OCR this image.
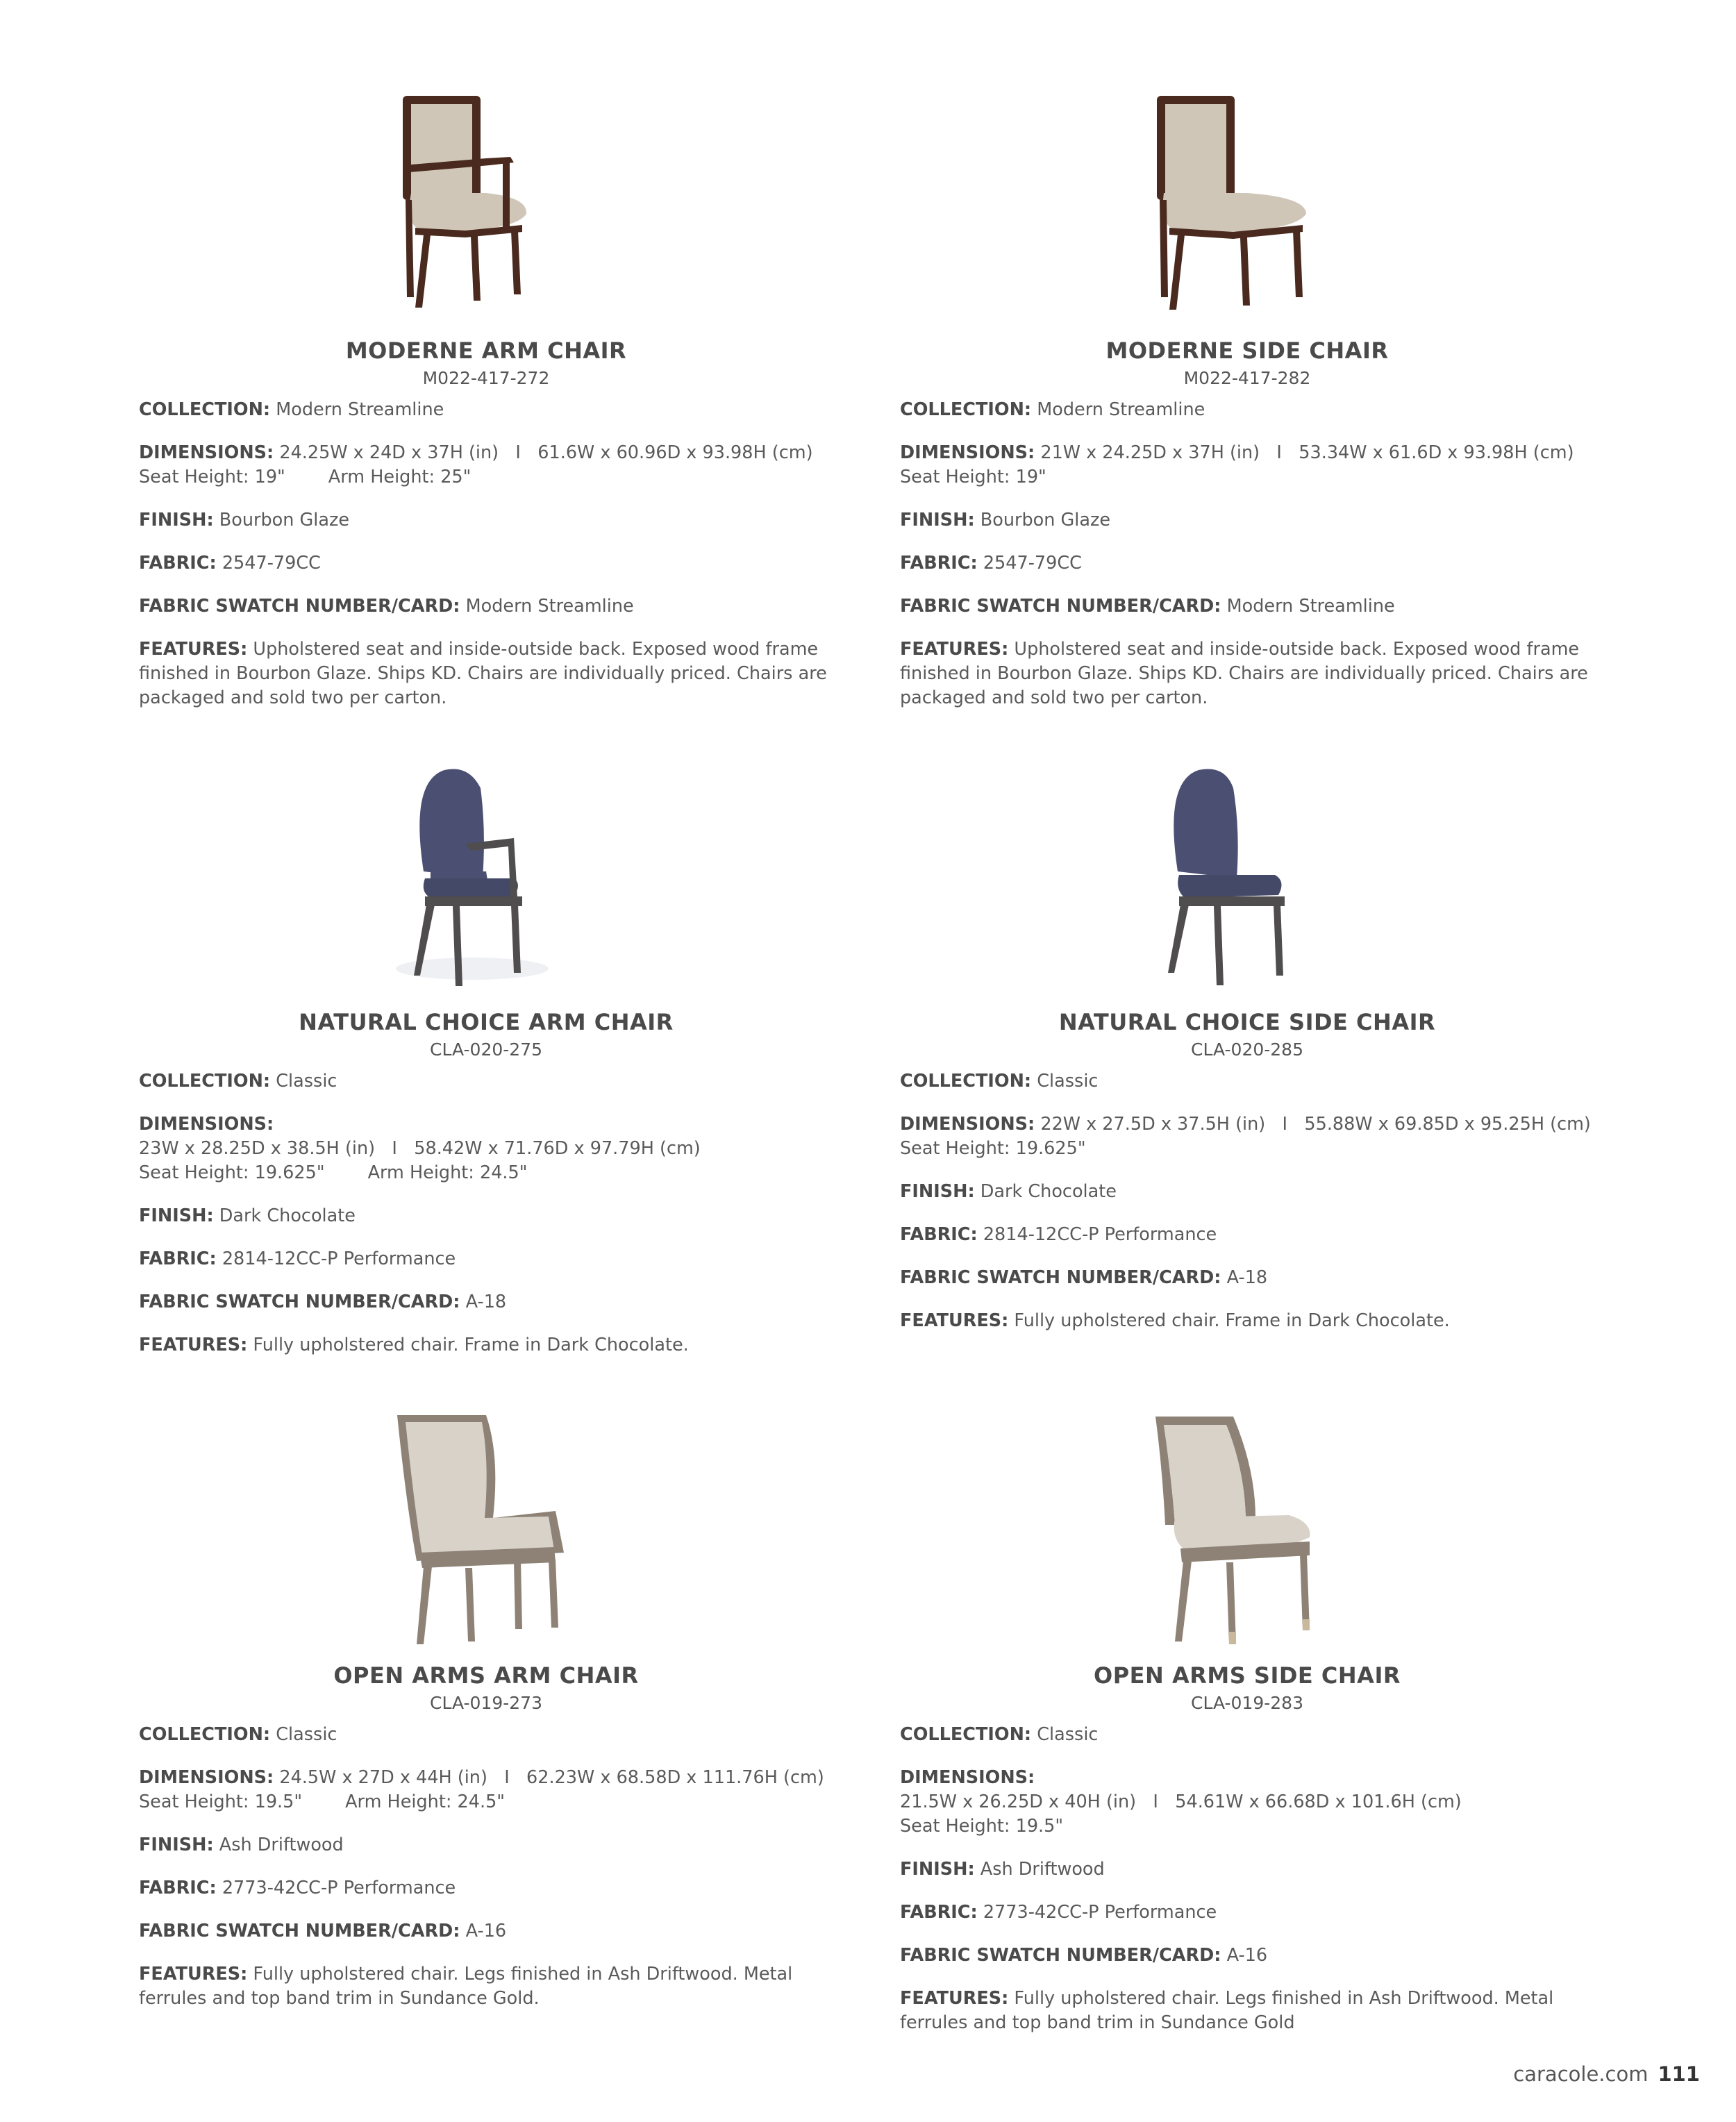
MODERNE ARM CHAIR
M022-417-272
COLLECTION: Modern Streamline
DIMENSIONS: 24.25W x 24D x 37H (in)   I   61.6W x 60.96D x 93.98H (cm)
Seat Height: 19" Arm Height: 25"
FINISH: Bourbon Glaze
FABRIC: 2547-79CC
FABRIC SWATCH NUMBER/CARD: Modern Streamline
FEATURES: Upholstered seat and inside-outside back. Exposed wood frame finished in Bourbon Glaze. Ships KD. Chairs are individually priced. Chairs are packaged and sold two per carton.
MODERNE SIDE CHAIR
M022-417-282
COLLECTION: Modern Streamline
DIMENSIONS: 21W x 24.25D x 37H (in)   I   53.34W x 61.6D x 93.98H (cm)
Seat Height: 19"
FINISH: Bourbon Glaze
FABRIC: 2547-79CC
FABRIC SWATCH NUMBER/CARD: Modern Streamline
FEATURES: Upholstered seat and inside-outside back. Exposed wood frame finished in Bourbon Glaze. Ships KD. Chairs are individually priced. Chairs are packaged and sold two per carton.
NATURAL CHOICE ARM CHAIR
CLA-020-275
COLLECTION: Classic
DIMENSIONS: 23W x 28.25D x 38.5H (in)   I   58.42W x 71.76D x 97.79H (cm)
Seat Height: 19.625" Arm Height: 24.5"
FINISH: Dark Chocolate
FABRIC: 2814-12CC-P Performance
FABRIC SWATCH NUMBER/CARD: A-18
FEATURES: Fully upholstered chair. Frame in Dark Chocolate.
NATURAL CHOICE SIDE CHAIR
CLA-020-285
COLLECTION: Classic
DIMENSIONS: 22W x 27.5D x 37.5H (in)   I   55.88W x 69.85D x 95.25H (cm)
Seat Height: 19.625"
FINISH: Dark Chocolate
FABRIC: 2814-12CC-P Performance
FABRIC SWATCH NUMBER/CARD: A-18
FEATURES: Fully upholstered chair. Frame in Dark Chocolate.
OPEN ARMS ARM CHAIR
CLA-019-273
COLLECTION: Classic
DIMENSIONS: 24.5W x 27D x 44H (in)   I   62.23W x 68.58D x 111.76H (cm)
Seat Height: 19.5" Arm Height: 24.5"
FINISH: Ash Driftwood
FABRIC: 2773-42CC-P Performance
FABRIC SWATCH NUMBER/CARD: A-16
FEATURES: Fully upholstered chair. Legs finished in Ash Driftwood. Metal ferrules and top band trim in Sundance Gold.
OPEN ARMS SIDE CHAIR
CLA-019-283
COLLECTION: Classic
DIMENSIONS: 21.5W x 26.25D x 40H (in)   I   54.61W x 66.68D x 101.6H (cm)
Seat Height: 19.5"
FINISH: Ash Driftwood
FABRIC: 2773-42CC-P Performance
FABRIC SWATCH NUMBER/CARD: A-16
FEATURES: Fully upholstered chair. Legs finished in Ash Driftwood. Metal ferrules and top band trim in Sundance Gold
caracole.com 111
